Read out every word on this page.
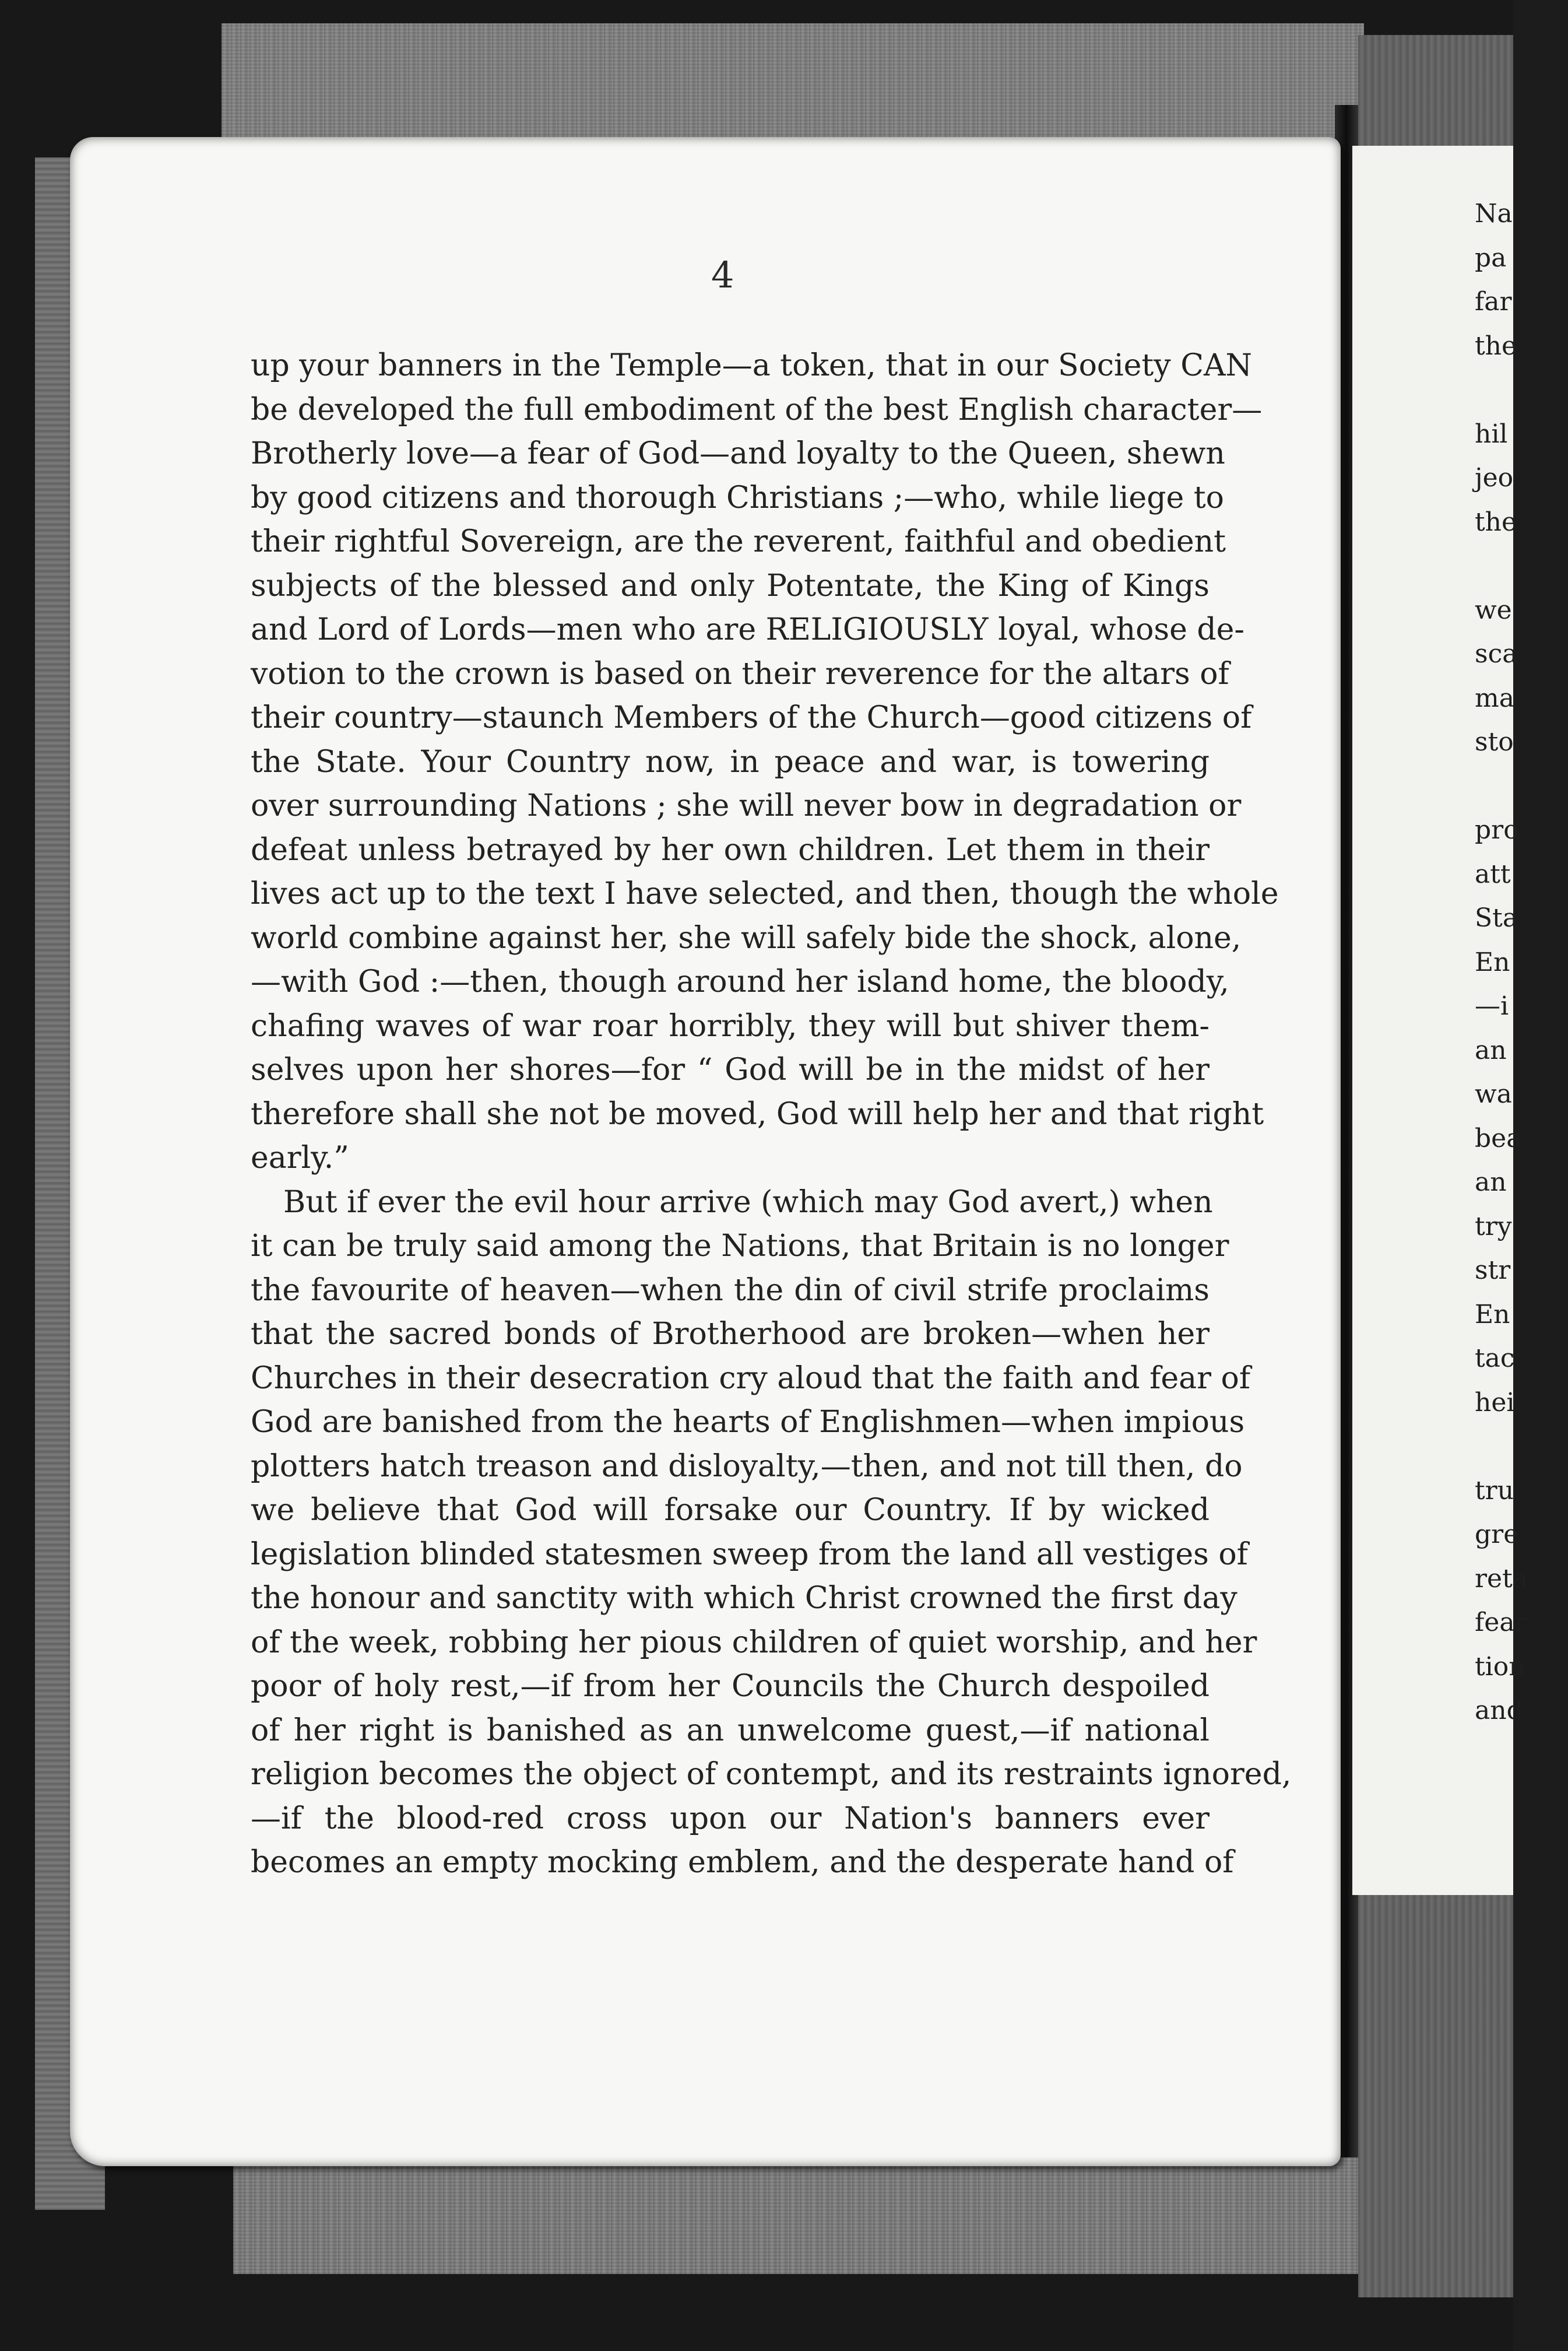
Na
pa
far
the
hil
jeo
the
we
sca
ma
sto
pro
att
Sta
En
—i
an
wa
bea
an
try
str
En
tac
hei
tru
gre
reta
fear
tion
and
4
up your banners in the Temple—a token, that in our Society CAN
be developed the full embodiment of the best English character—
Brotherly love—a fear of God—and loyalty to the Queen, shewn
by good citizens and thorough Christians ;—who, while liege to
their rightful Sovereign, are the reverent, faithful and obedient
subjects of the blessed and only Potentate, the King of Kings
and Lord of Lords—men who are RELIGIOUSLY loyal, whose de-
votion to the crown is based on their reverence for the altars of
their country—staunch Members of the Church—good citizens of
the State. Your Country now, in peace and war, is towering
over surrounding Nations ; she will never bow in degradation or
defeat unless betrayed by her own children. Let them in their
lives act up to the text I have selected, and then, though the whole
world combine against her, she will safely bide the shock, alone,
—with God :—then, though around her island home, the bloody,
chafing waves of war roar horribly, they will but shiver them-
selves upon her shores—for “ God will be in the midst of her
therefore shall she not be moved, God will help her and that right
early.”
But if ever the evil hour arrive (which may God avert,) when
it can be truly said among the Nations, that Britain is no longer
the favourite of heaven—when the din of civil strife proclaims
that the sacred bonds of Brotherhood are broken—when her
Churches in their desecration cry aloud that the faith and fear of
God are banished from the hearts of Englishmen—when impious
plotters hatch treason and disloyalty,—then, and not till then, do
we believe that God will forsake our Country. If by wicked
legislation blinded statesmen sweep from the land all vestiges of
the honour and sanctity with which Christ crowned the first day
of the week, robbing her pious children of quiet worship, and her
poor of holy rest,—if from her Councils the Church despoiled
of her right is banished as an unwelcome guest,—if national
religion becomes the object of contempt, and its restraints ignored,
—if the blood-red cross upon our Nation's banners ever
becomes an empty mocking emblem, and the desperate hand of
